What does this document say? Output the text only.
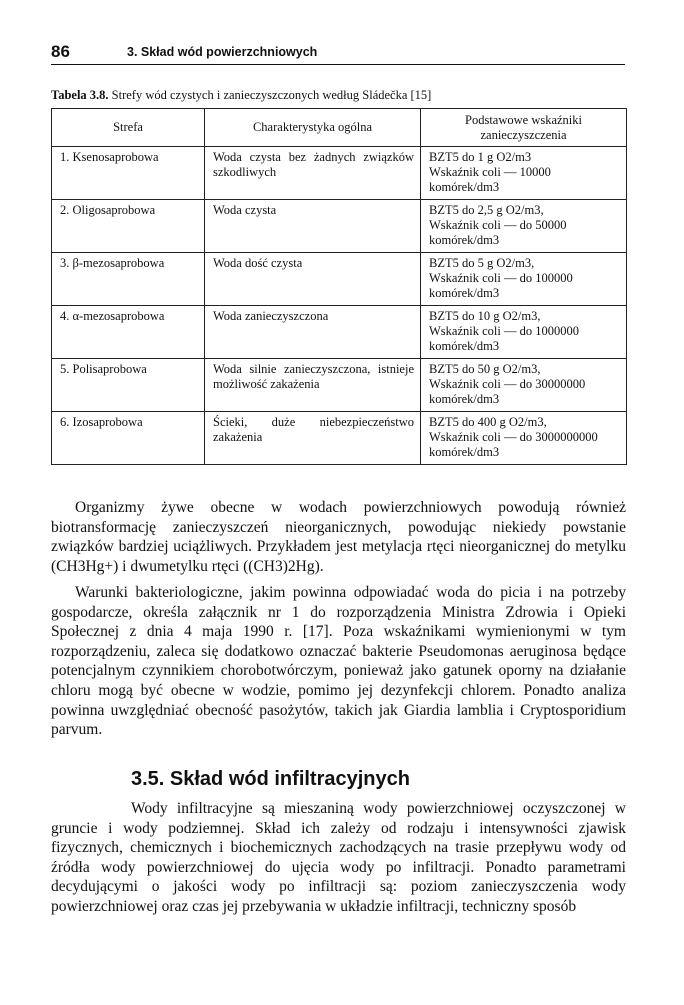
86	3. Skład wód powierzchniowych
Tabela 3.8. Strefy wód czystych i zanieczyszczonych według Sládečka [15]
Strefa	Charakterystyka ogólna	Podstawowe wskaźniki zanieczyszczenia
1. Ksenosaprobowa	Woda czysta bez żadnych związków szkodliwych	BZT5 do 1 g O2/m3
Wskaźnik coli — 10000 komórek/dm3

2. Oligosaprobowa	Woda czysta	BZT5 do 2,5 g O2/m3,
Wskaźnik coli — do 50000 komórek/dm3

3. β-mezosaprobowa	Woda dość czysta	BZT5 do 5 g O2/m3,
Wskaźnik coli — do 100000 komórek/dm3

4. α-mezosaprobowa	Woda zanieczyszczona	BZT5 do 10 g O2/m3,
Wskaźnik coli — do 1000000 komórek/dm3

5. Polisaprobowa	Woda silnie zanieczyszczona, istnieje możliwość zakażenia	BZT5 do 50 g O2/m3,
Wskaźnik coli — do 30000000 komórek/dm3

6. Izosaprobowa	Ścieki, duże niebezpieczeństwo zakażenia	BZT5 do 400 g O2/m3,
Wskaźnik coli — do 3000000000 komórek/dm3
Organizmy żywe obecne w wodach powierzchniowych powodują również biotransformację zanieczyszczeń nieorganicznych, powodując niekiedy powstanie związków bardziej uciążliwych. Przykładem jest metylacja rtęci nieorganicznej do metylku (CH3Hg+) i dwumetylku rtęci ((CH3)2Hg).
Warunki bakteriologiczne, jakim powinna odpowiadać woda do picia i na potrzeby gospodarcze, określa załącznik nr 1 do rozporządzenia Ministra Zdrowia i Opieki Społecznej z dnia 4 maja 1990 r. [17]. Poza wskaźnikami wymienionymi w tym rozporządzeniu, zaleca się dodatkowo oznaczać bakterie Pseudomonas aeruginosa będące potencjalnym czynnikiem chorobotwórczym, ponieważ jako gatunek oporny na działanie chloru mogą być obecne w wodzie, pomimo jej dezynfekcji chlorem. Ponadto analiza powinna uwzględniać obecność pasożytów, takich jak Giardia lamblia i Cryptosporidium parvum.
3.5. Skład wód infiltracyjnych
Wody infiltracyjne są mieszaniną wody powierzchniowej oczyszczonej w gruncie i wody podziemnej. Skład ich zależy od rodzaju i intensywności zjawisk fizycznych, chemicznych i biochemicznych zachodzących na trasie przepływu wody od źródła wody powierzchniowej do ujęcia wody po infiltracji. Ponadto parametrami decydującymi o jakości wody po infiltracji są: poziom zanieczyszczenia wody powierzchniowej oraz czas jej przebywania w układzie infiltracji, techniczny sposób
